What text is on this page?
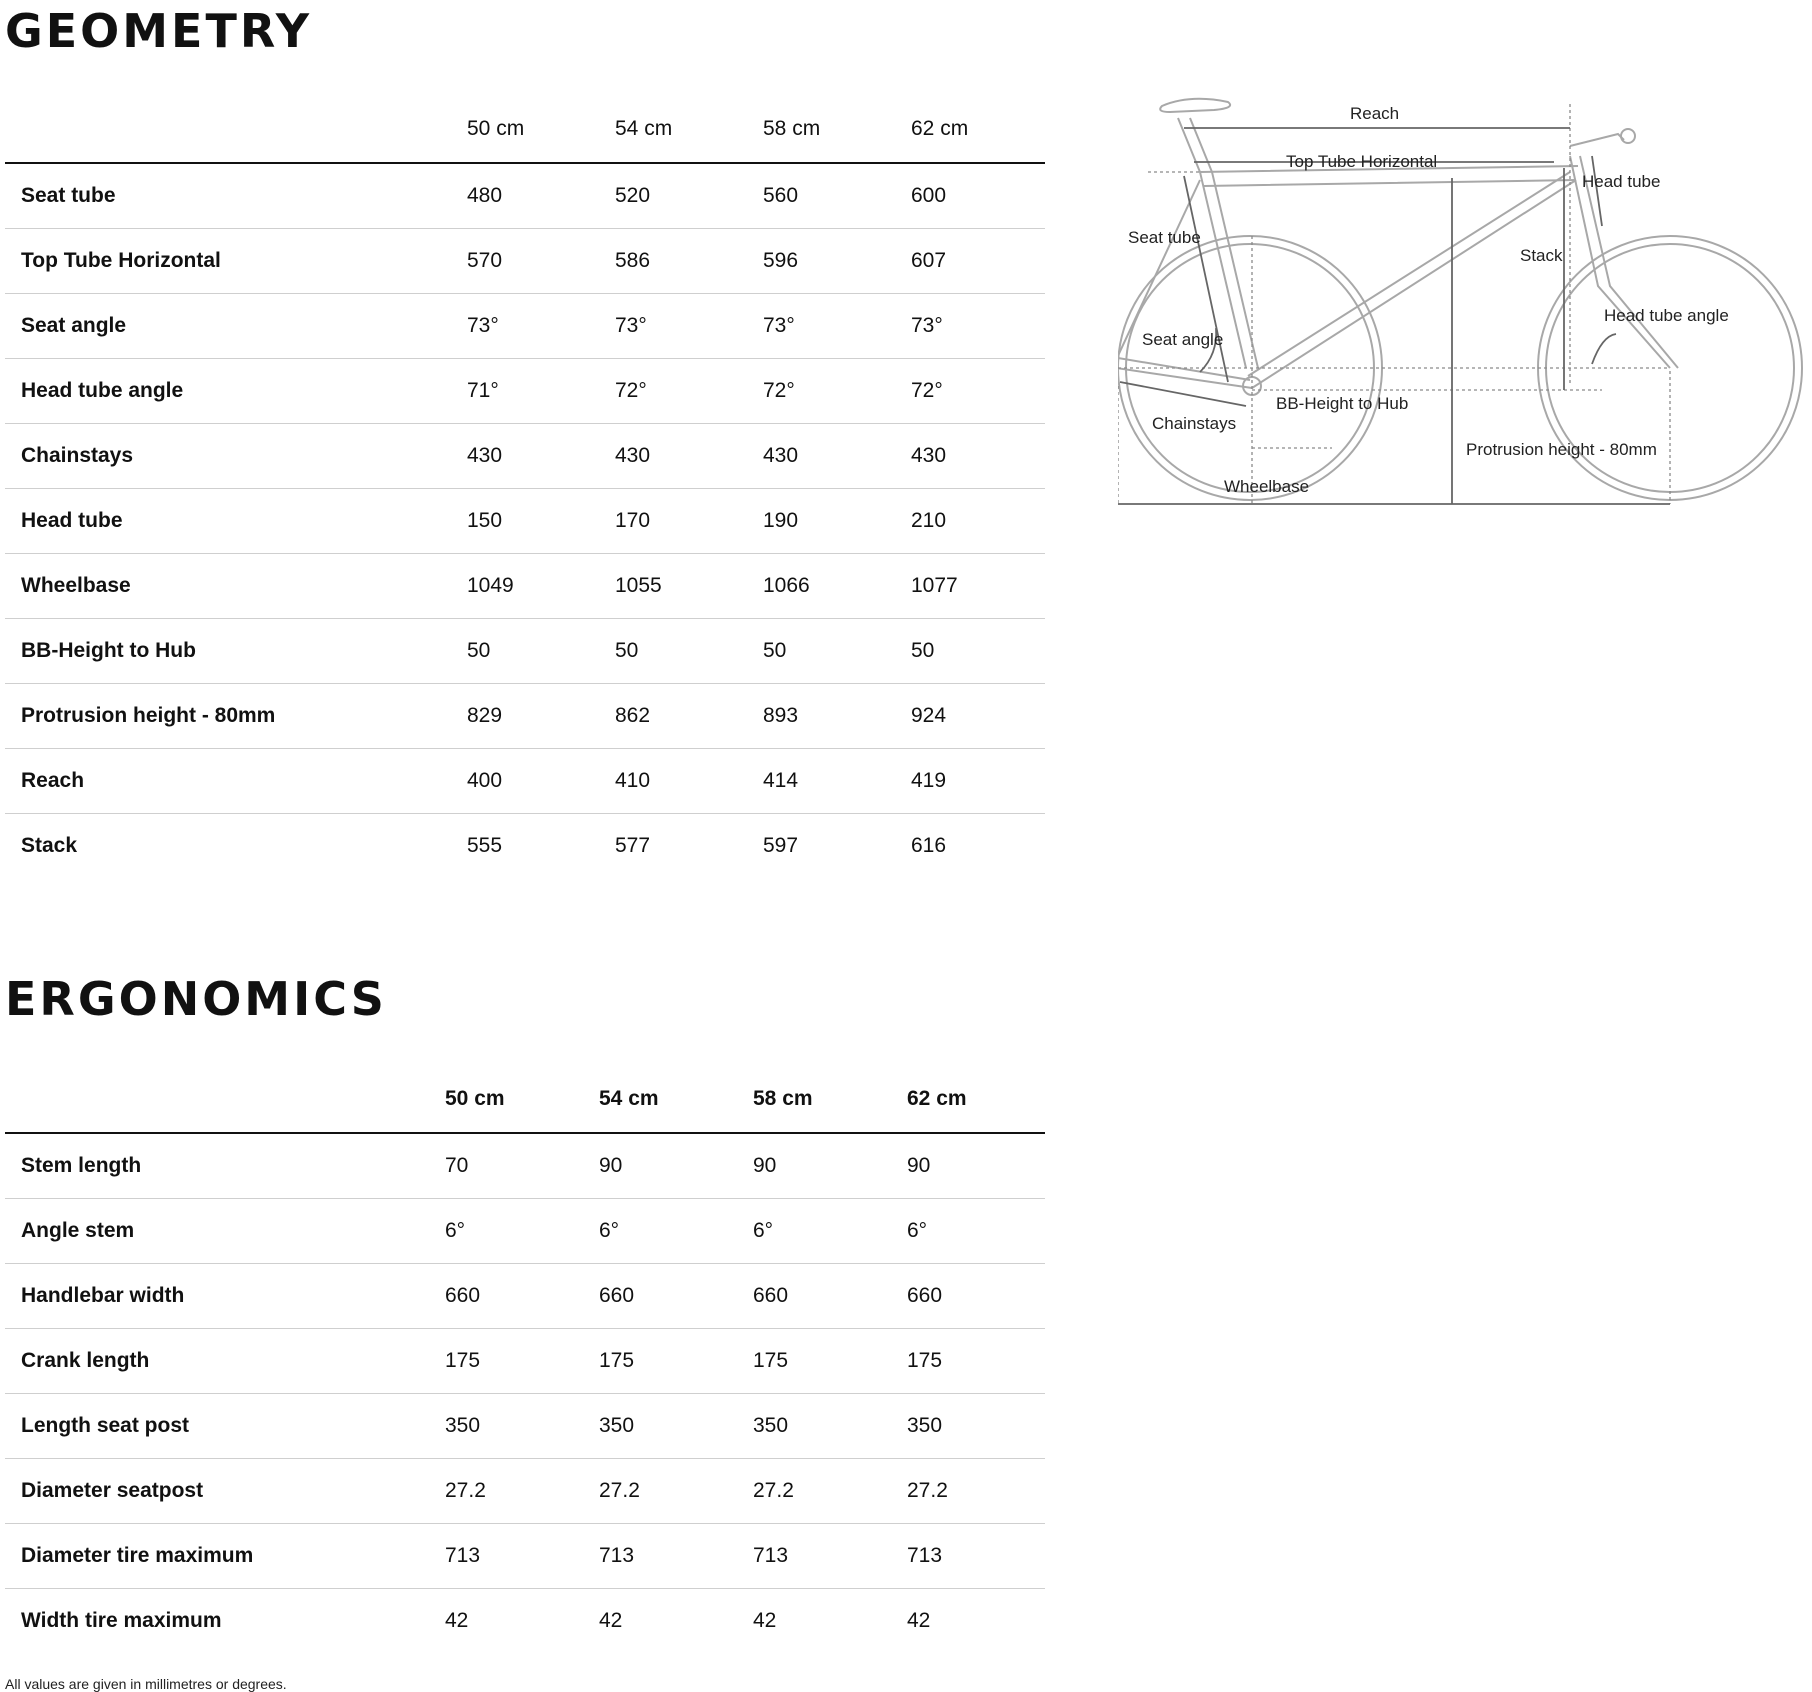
GEOMETRY
	50 cm	54 cm	58 cm	62 cm
Seat tube	480	520	560	600
Top Tube Horizontal	570	586	596	607
Seat angle	73°	73°	73°	73°
Head tube angle	71°	72°	72°	72°
Chainstays	430	430	430	430
Head tube	150	170	190	210
Wheelbase	1049	1055	1066	1077
BB-Height to Hub	50	50	50	50
Protrusion height - 80mm	829	862	893	924
Reach	400	410	414	419
Stack	555	577	597	616
Reach
Top Tube Horizontal
Head tube
Seat tube
Stack
Head tube angle
Seat angle
BB-Height to Hub
Chainstays
Protrusion height - 80mm
Wheelbase
ERGONOMICS
	50 cm	54 cm	58 cm	62 cm
Stem length	70	90	90	90
Angle stem	6°	6°	6°	6°
Handlebar width	660	660	660	660
Crank length	175	175	175	175
Length seat post	350	350	350	350
Diameter seatpost	27.2	27.2	27.2	27.2
Diameter tire maximum	713	713	713	713
Width tire maximum	42	42	42	42

All values are given in millimetres or degrees.
